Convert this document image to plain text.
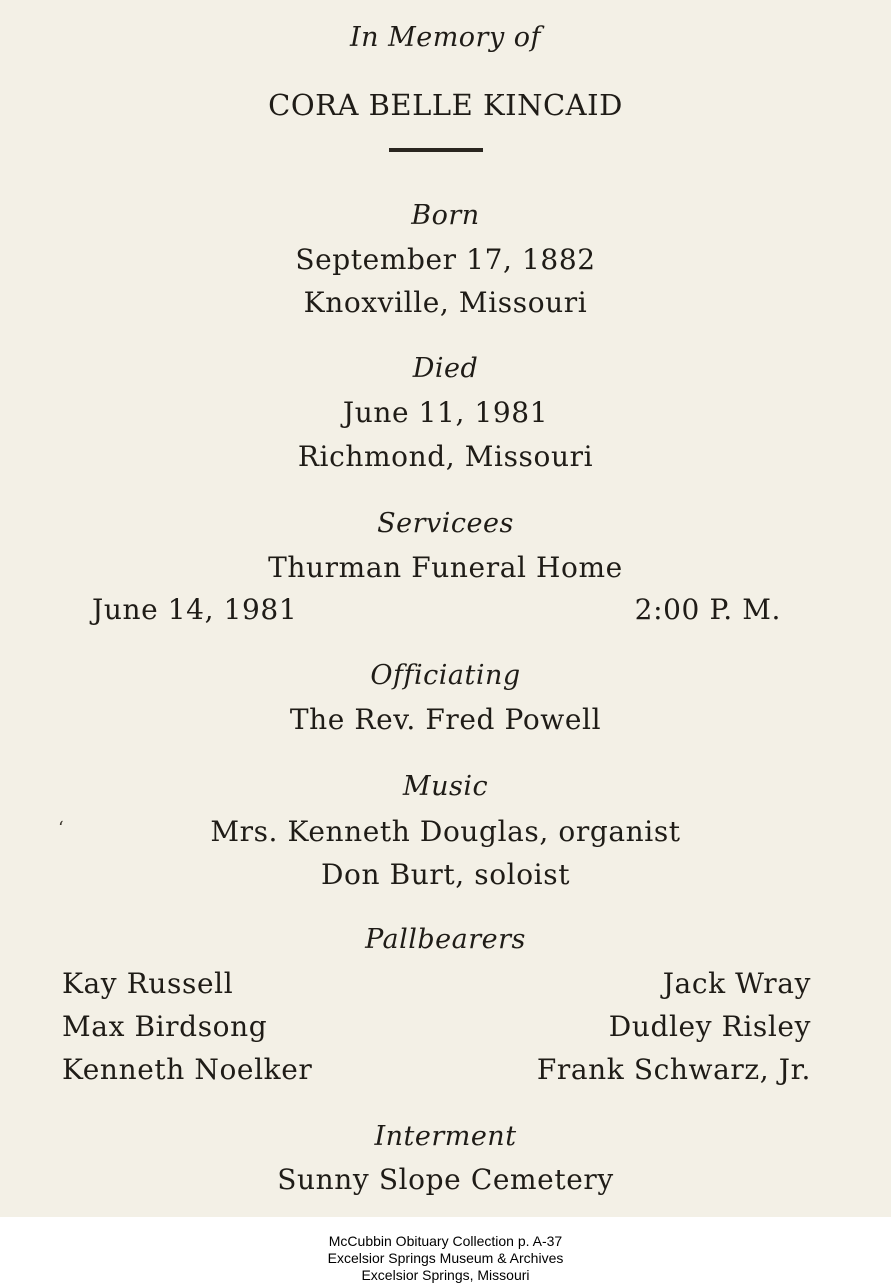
In Memory of
CORA BELLE KINCAID
Born
September 17, 1882
Knoxville, Missouri
Died
June 11, 1981
Richmond, Missouri
Servicees
Thurman Funeral Home
June 14, 1981	2:00 P. M.
Officiating
The Rev. Fred Powell
Music
‘	Mrs. Kenneth Douglas, organist
Don Burt, soloist
Pallbearers
Kay Russell
Max Birdsong
Kenneth Noelker
Jack Wray
Dudley Risley
Frank Schwarz, Jr.
Interment
Sunny Slope Cemetery
McCubbin Obituary Collection p. A-37
Excelsior Springs Museum & Archives
Excelsior Springs, Missouri
